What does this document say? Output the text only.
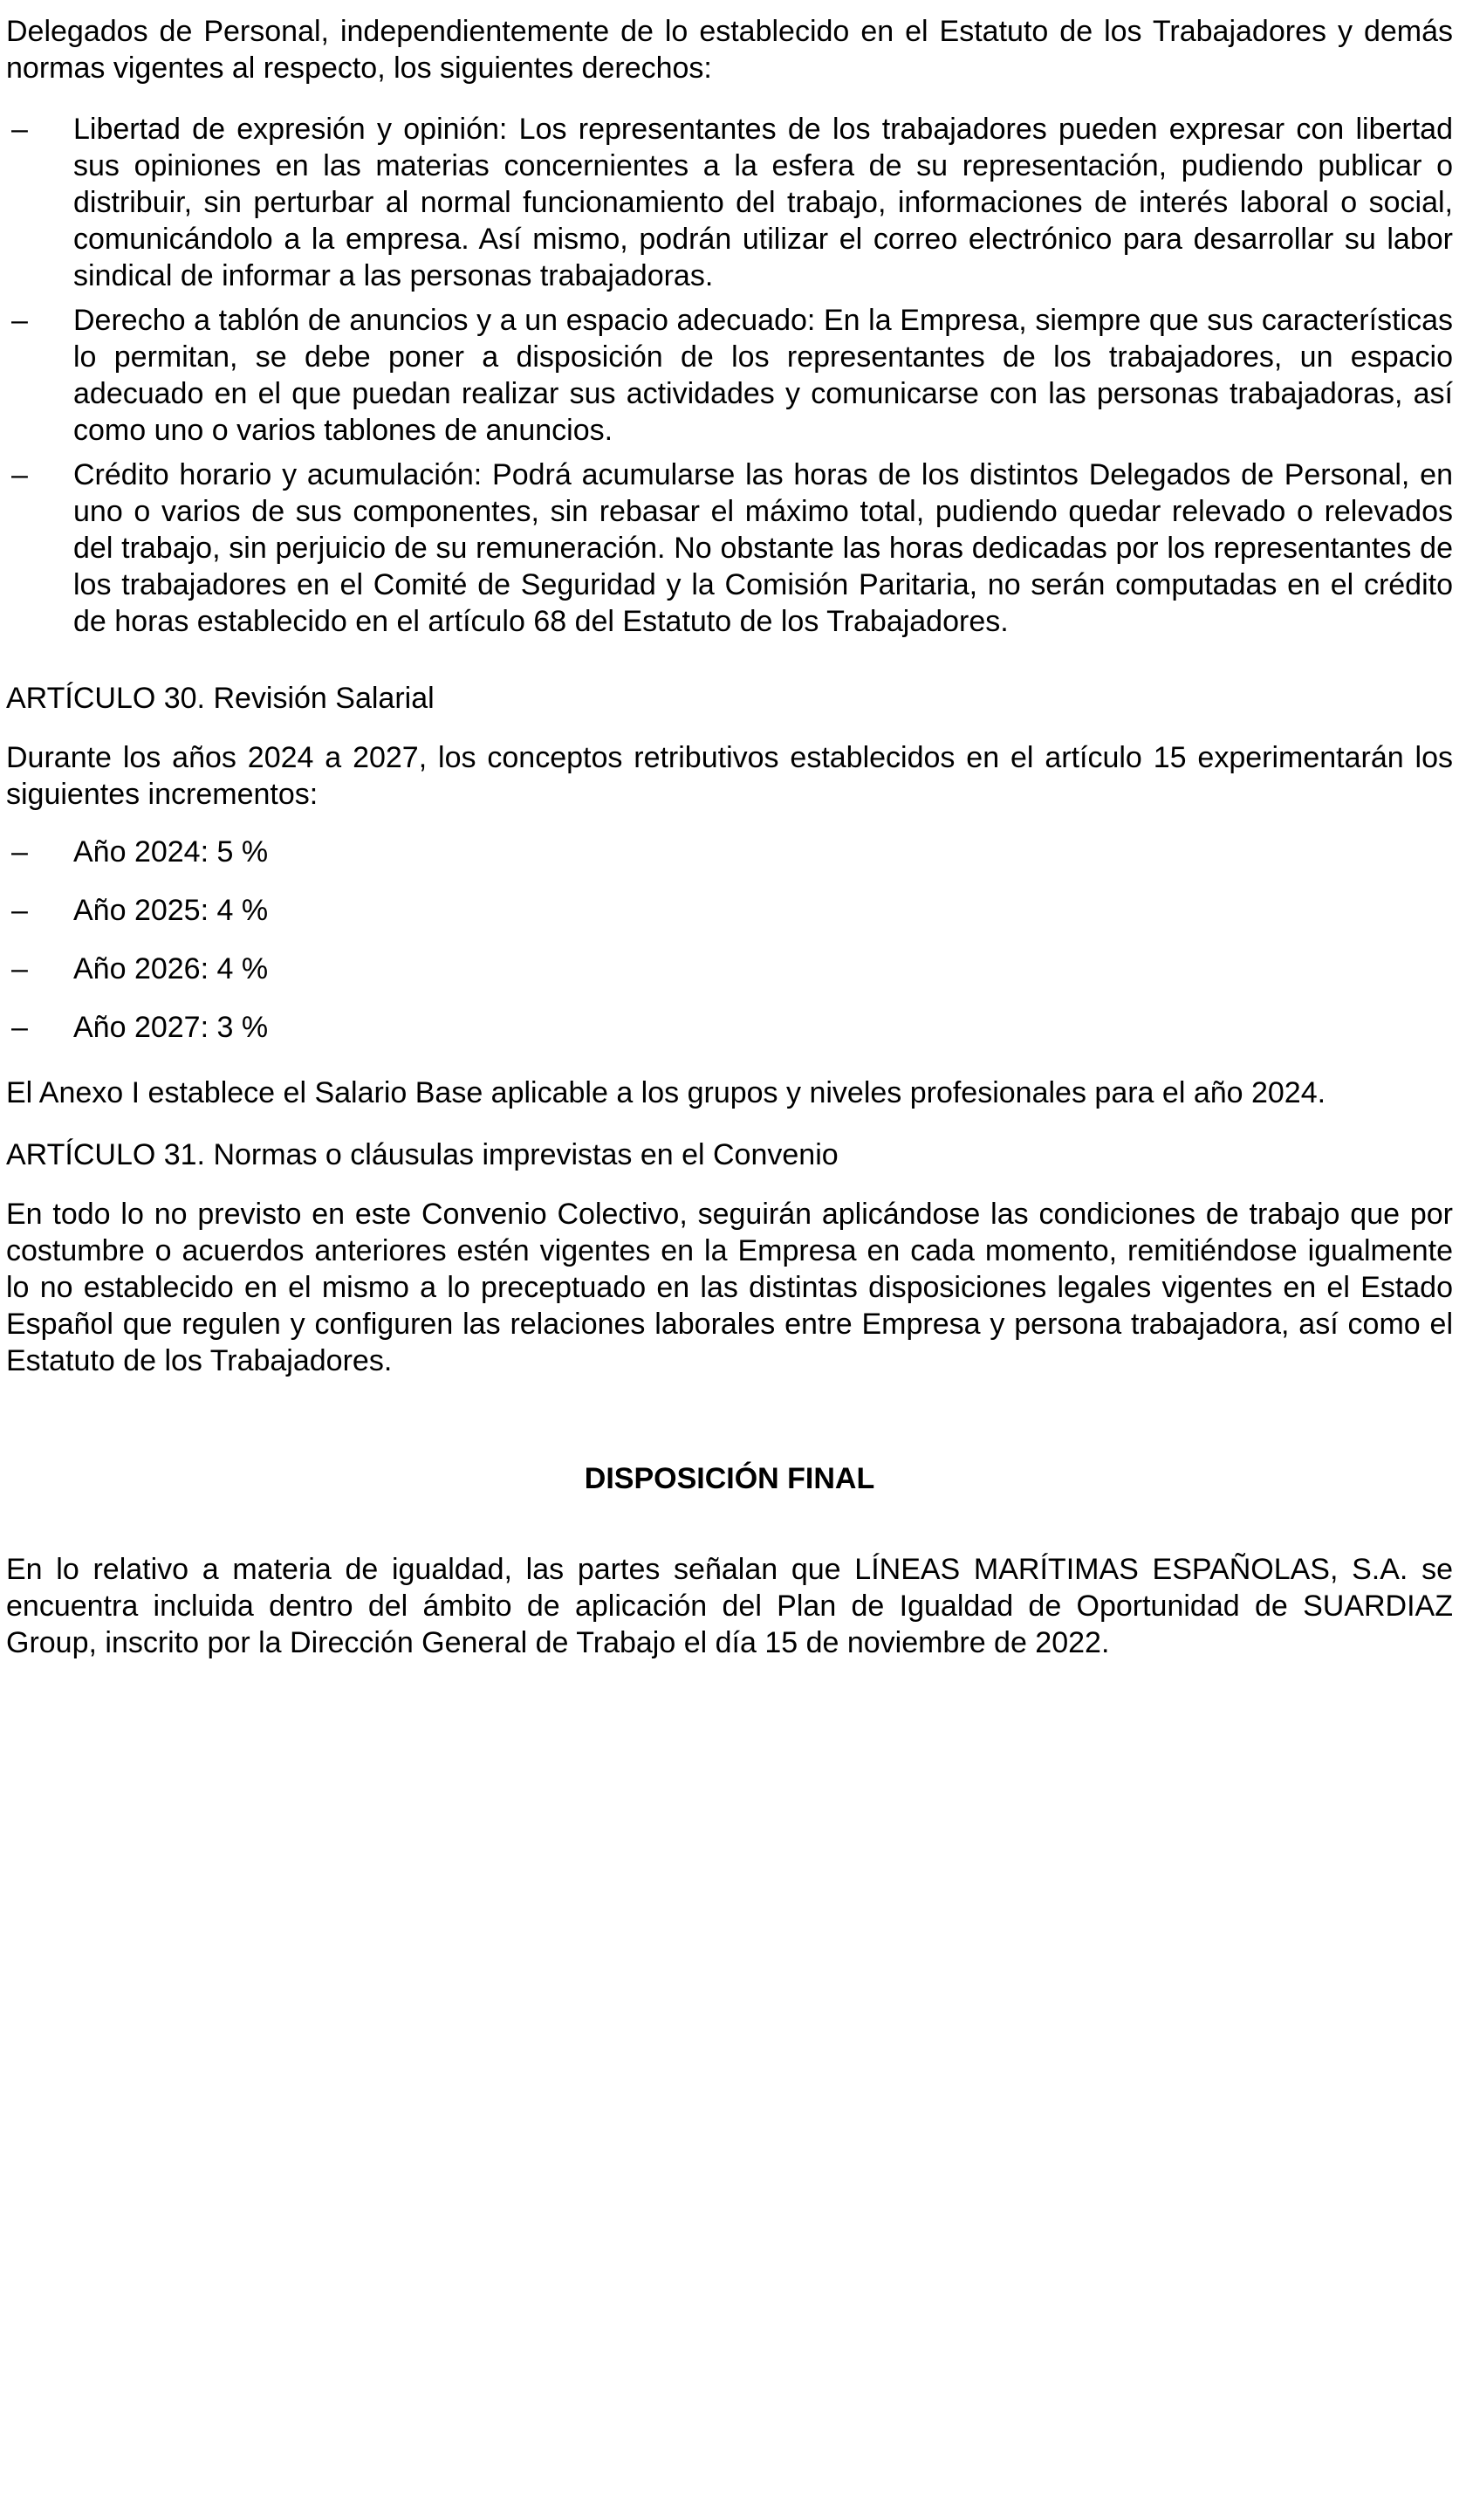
Delegados de Personal, independientemente de lo establecido en el Estatuto de los Trabajadores y demás normas vigentes al respecto, los siguientes derechos:

– Libertad de expresión y opinión: Los representantes de los trabajadores pueden expresar con libertad sus opiniones en las materias concernientes a la esfera de su representación, pudiendo publicar o distribuir, sin perturbar al normal funcionamiento del trabajo, informaciones de interés laboral o social, comunicándolo a la empresa. Así mismo, podrán utilizar el correo electrónico para desarrollar su labor sindical de informar a las personas trabajadoras.
– Derecho a tablón de anuncios y a un espacio adecuado: En la Empresa, siempre que sus características lo permitan, se debe poner a disposición de los representantes de los trabajadores, un espacio adecuado en el que puedan realizar sus actividades y comunicarse con las personas trabajadoras, así como uno o varios tablones de anuncios.
– Crédito horario y acumulación: Podrá acumularse las horas de los distintos Delegados de Personal, en uno o varios de sus componentes, sin rebasar el máximo total, pudiendo quedar relevado o relevados del trabajo, sin perjuicio de su remuneración. No obstante las horas dedicadas por los representantes de los trabajadores en el Comité de Seguridad y la Comisión Paritaria, no serán computadas en el crédito de horas establecido en el artículo 68 del Estatuto de los Trabajadores.
ARTÍCULO 30. Revisión Salarial

Durante los años 2024 a 2027, los conceptos retributivos establecidos en el artículo 15 experimentarán los siguientes incrementos:

– Año 2024: 5 %
– Año 2025: 4 %
– Año 2026: 4 %
– Año 2027: 3 %

El Anexo I establece el Salario Base aplicable a los grupos y niveles profesionales para el año 2024.

ARTÍCULO 31. Normas o cláusulas imprevistas en el Convenio

En todo lo no previsto en este Convenio Colectivo, seguirán aplicándose las condiciones de trabajo que por costumbre o acuerdos anteriores estén vigentes en la Empresa en cada momento, remitiéndose igualmente lo no establecido en el mismo a lo preceptuado en las distintas disposiciones legales vigentes en el Estado Español que regulen y configuren las relaciones laborales entre Empresa y persona trabajadora, así como el Estatuto de los Trabajadores.

DISPOSICIÓN FINAL

En lo relativo a materia de igualdad, las partes señalan que LÍNEAS MARÍTIMAS ESPAÑOLAS, S.A. se encuentra incluida dentro del ámbito de aplicación del Plan de Igualdad de Oportunidad de SUARDIAZ Group, inscrito por la Dirección General de Trabajo el día 15 de noviembre de 2022.
